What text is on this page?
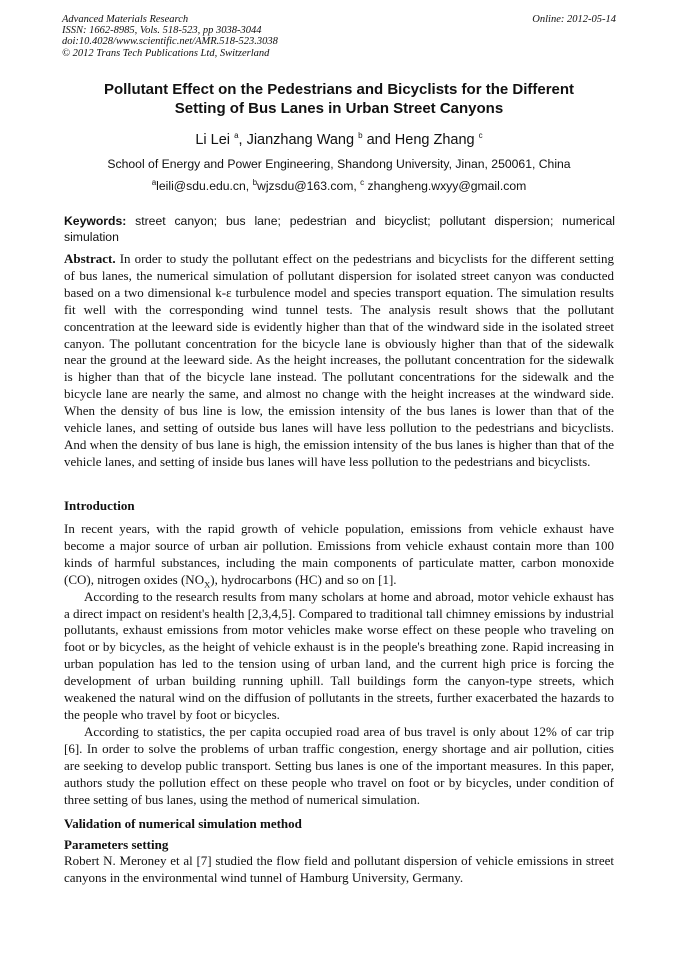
Advanced Materials Research
ISSN: 1662-8985, Vols. 518-523, pp 3038-3044
doi:10.4028/www.scientific.net/AMR.518-523.3038
© 2012 Trans Tech Publications Ltd, Switzerland
Online: 2012-05-14
Pollutant Effect on the Pedestrians and Bicyclists for the Different
Setting of Bus Lanes in Urban Street Canyons
Li Lei $^a$, Jianzhang Wang $^b$ and Heng Zhang $^c$
School of Energy and Power Engineering, Shandong University, Jinan, 250061, China
$^a$leili@sdu.edu.cn, $^b$wjzsdu@163.com, $^c$ zhangheng.wxyy@gmail.com
Keywords: street canyon; bus lane; pedestrian and bicyclist; pollutant dispersion; numerical simulation
Abstract. In order to study the pollutant effect on the pedestrians and bicyclists for the different setting of bus lanes, the numerical simulation of pollutant dispersion for isolated street canyon was conducted based on a two dimensional k-ε turbulence model and species transport equation. The simulation results fit well with the corresponding wind tunnel tests. The analysis result shows that the pollutant concentration at the leeward side is evidently higher than that of the windward side in the isolated street canyon. The pollutant concentration for the bicycle lane is obviously higher than that of the sidewalk near the ground at the leeward side. As the height increases, the pollutant concentration for the sidewalk is higher than that of the bicycle lane instead. The pollutant concentrations for the sidewalk and the bicycle lane are nearly the same, and almost no change with the height increases at the windward side. When the density of bus line is low, the emission intensity of the bus lanes is lower than that of the vehicle lanes, and setting of outside bus lanes will have less pollution to the pedestrians and bicyclists. And when the density of bus lane is high, the emission intensity of the bus lanes is higher than that of the vehicle lanes, and setting of inside bus lanes will have less pollution to the pedestrians and bicyclists.
Introduction

In recent years, with the rapid growth of vehicle population, emissions from vehicle exhaust have become a major source of urban air pollution. Emissions from vehicle exhaust contain more than 100 kinds of harmful substances, including the main components of particulate matter, carbon monoxide (CO), nitrogen oxides $(NO_X)$, hydrocarbons (HC) and so on [1].

According to the research results from many scholars at home and abroad, motor vehicle exhaust has a direct impact on resident's health [2,3,4,5]. Compared to traditional tall chimney emissions by industrial pollutants, exhaust emissions from motor vehicles make worse effect on these people who traveling on foot or by bicycles, as the height of vehicle exhaust is in the people's breathing zone. Rapid increasing in urban population has led to the tension using of urban land, and the current high price is forcing the development of urban building running uphill. Tall buildings form the canyon-type streets, which weakened the natural wind on the diffusion of pollutants in the streets, further exacerbated the hazards to the people who travel by foot or bicycles.

According to statistics, the per capita occupied road area of bus travel is only about 12% of car trip [6]. In order to solve the problems of urban traffic congestion, energy shortage and air pollution, cities are seeking to develop public transport. Setting bus lanes is one of the important measures. In this paper, authors study the pollution effect on these people who travel on foot or by bicycles, under condition of three setting of bus lanes, using the method of numerical simulation.

Validation of numerical simulation method
Parameters setting
Robert N. Meroney et al [7] studied the flow field and pollutant dispersion of vehicle emissions in street canyons in the environmental wind tunnel of Hamburg University, Germany.
